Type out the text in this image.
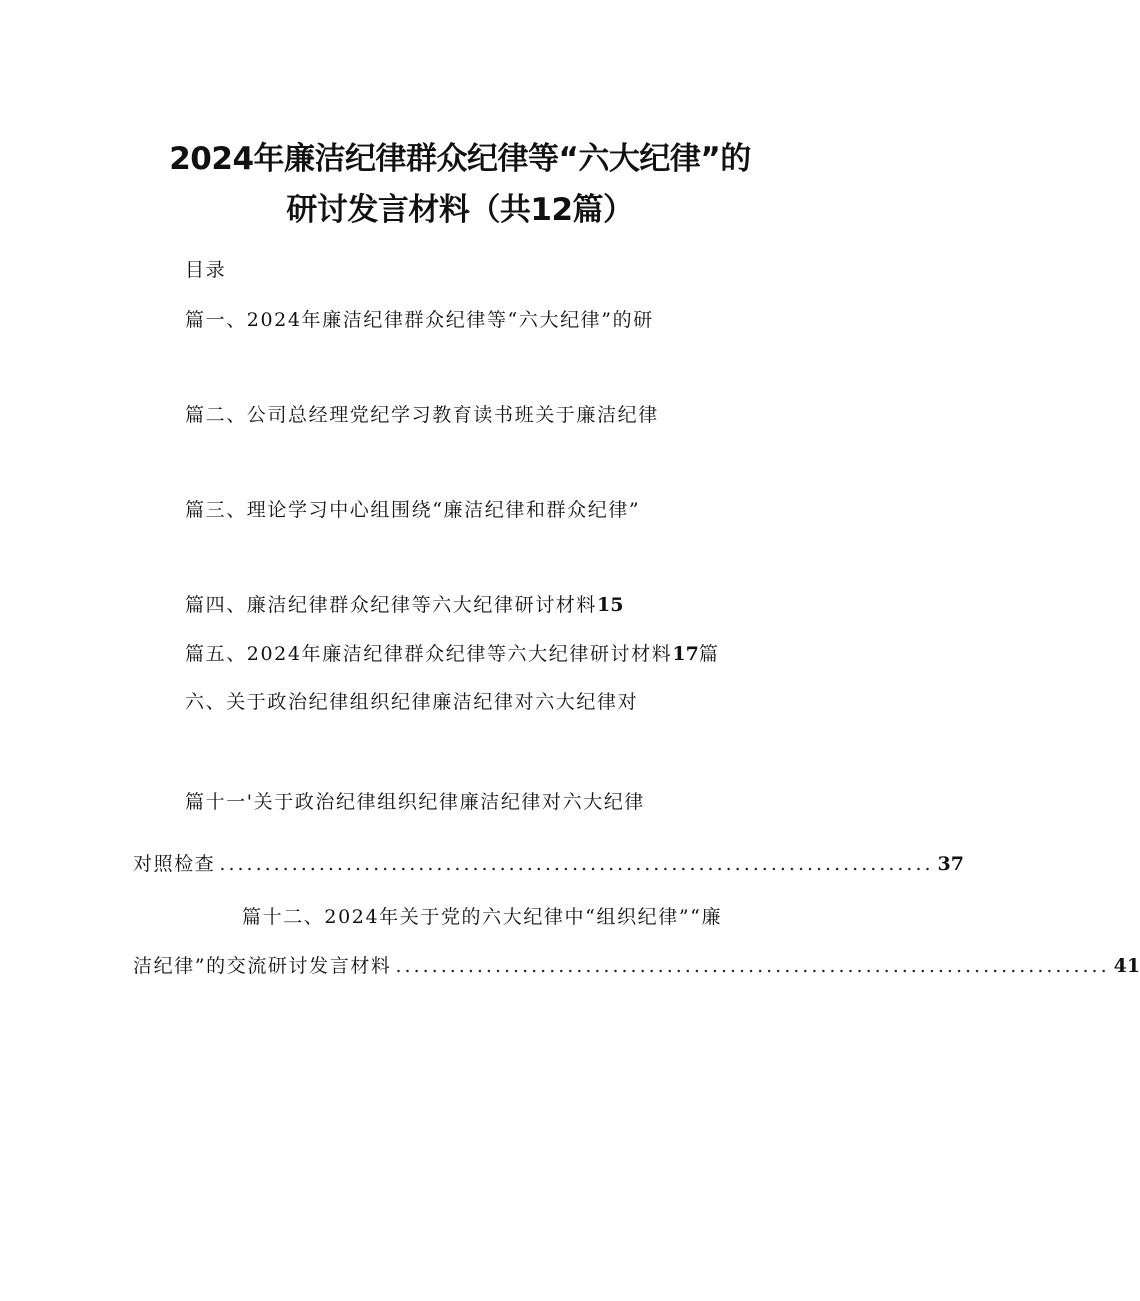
2024年廉洁纪律群众纪律等“六大纪律”的
研讨发言材料（共12篇）
目录
篇一、2024年廉洁纪律群众纪律等“六大纪律”的研
篇二、公司总经理党纪学习教育读书班关于廉洁纪律
篇三、理论学习中心组围绕“廉洁纪律和群众纪律”
篇四、廉洁纪律群众纪律等六大纪律研讨材料15
篇五、2024年廉洁纪律群众纪律等六大纪律研讨材料17篇
六、关于政治纪律组织纪律廉洁纪律对六大纪律对
篇十一'关于政治纪律组织纪律廉洁纪律对六大纪律
对照检查 ............................................................................... 37
篇十二、2024年关于党的六大纪律中“组织纪律”“廉
洁纪律”的交流研讨发言材料 ............................................................................... 41
